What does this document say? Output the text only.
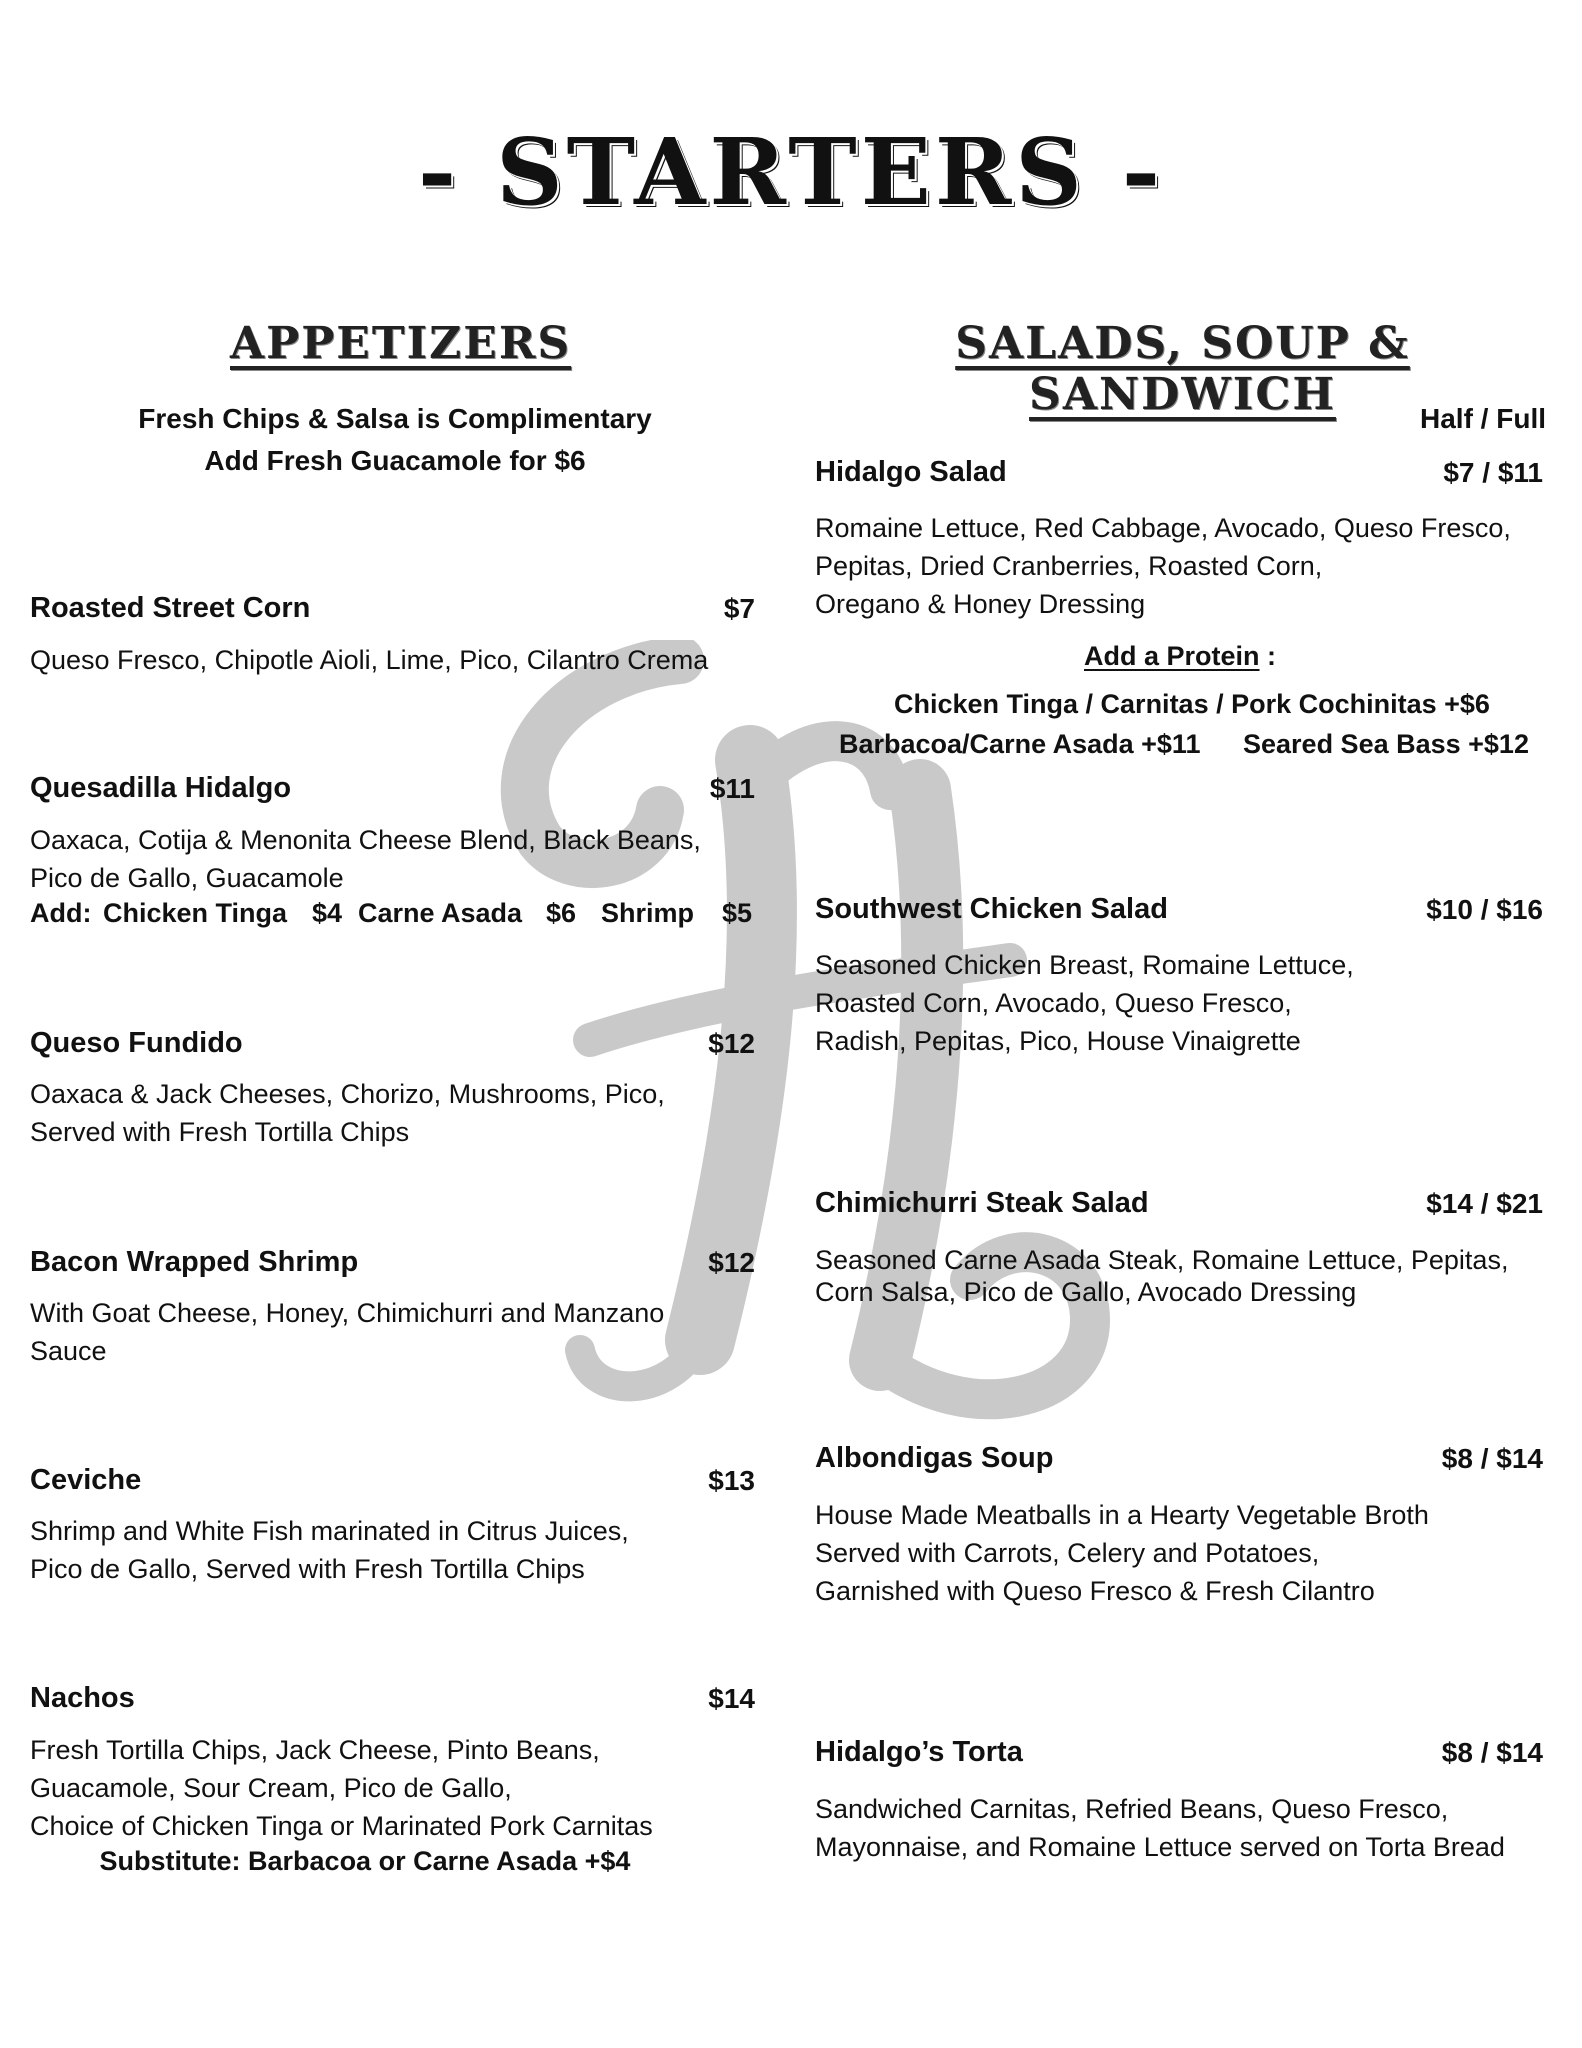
- STARTERS -
APPETIZERS
Fresh Chips & Salsa is Complimentary
Add Fresh Guacamole for $6
Roasted Street Corn	$7
Queso Fresco, Chipotle Aioli, Lime, Pico, Cilantro Crema
Quesadilla Hidalgo	$11
Oaxaca, Cotija & Menonita Cheese Blend, Black Beans,
Pico de Gallo, Guacamole
Add: Chicken Tinga $4 Carne Asada $6 Shrimp $5
Queso Fundido	$12
Oaxaca & Jack Cheeses, Chorizo, Mushrooms, Pico,
Served with Fresh Tortilla Chips
Bacon Wrapped Shrimp	$12
With Goat Cheese, Honey, Chimichurri and Manzano
Sauce
Ceviche	$13
Shrimp and White Fish marinated in Citrus Juices,
Pico de Gallo, Served with Fresh Tortilla Chips
Nachos	$14
Fresh Tortilla Chips, Jack Cheese, Pinto Beans,
Guacamole, Sour Cream, Pico de Gallo,
Choice of Chicken Tinga or Marinated Pork Carnitas
Substitute: Barbacoa or Carne Asada +$4
SALADS, SOUP & SANDWICH	Half / Full
Hidalgo Salad	$7 / $11
Romaine Lettuce, Red Cabbage, Avocado, Queso Fresco,
Pepitas, Dried Cranberries, Roasted Corn,
Oregano & Honey Dressing
Add a Protein :
Chicken Tinga / Carnitas / Pork Cochinitas +$6
Barbacoa/Carne Asada +$11 Seared Sea Bass +$12
Southwest Chicken Salad	$10 / $16
Seasoned Chicken Breast, Romaine Lettuce,
Roasted Corn, Avocado, Queso Fresco,
Radish, Pepitas, Pico, House Vinaigrette
Chimichurri Steak Salad	$14 / $21
Seasoned Carne Asada Steak, Romaine Lettuce, Pepitas,
Corn Salsa, Pico de Gallo, Avocado Dressing
Albondigas Soup	$8 / $14
House Made Meatballs in a Hearty Vegetable Broth
Served with Carrots, Celery and Potatoes,
Garnished with Queso Fresco & Fresh Cilantro
Hidalgo’s Torta	$8 / $14
Sandwiched Carnitas, Refried Beans, Queso Fresco,
Mayonnaise, and Romaine Lettuce served on Torta Bread
